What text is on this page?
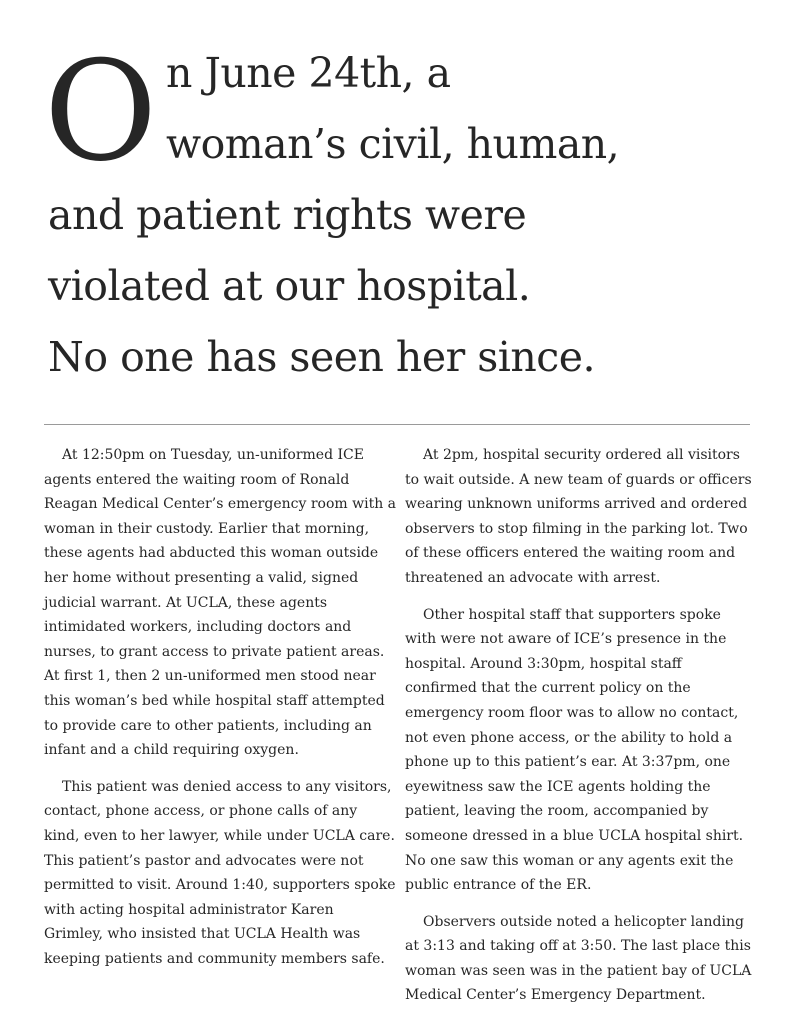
O n June 24th, a
woman’s civil, human,
and patient rights were
violated at our hospital.
No one has seen her since.

At 12:50pm on Tuesday, un-uniformed ICE agents entered the waiting room of Ronald Reagan Medical Center’s emergency room with a woman in their custody. Earlier that morning, these agents had abducted this woman outside her home without presenting a valid, signed judicial warrant. At UCLA, these agents intimidated workers, including doctors and nurses, to grant access to private patient areas. At first 1, then 2 un-uniformed men stood near this woman’s bed while hospital staff attempted to provide care to other patients, including an infant and a child requiring oxygen.

This patient was denied access to any visitors, contact, phone access, or phone calls of any kind, even to her lawyer, while under UCLA care. This patient’s pastor and advocates were not permitted to visit. Around 1:40, supporters spoke with acting hospital administrator Karen Grimley, who insisted that UCLA Health was keeping patients and community members safe.

At 2pm, hospital security ordered all visitors to wait outside. A new team of guards or officers wearing unknown uniforms arrived and ordered observers to stop filming in the parking lot. Two of these officers entered the waiting room and threatened an advocate with arrest.

Other hospital staff that supporters spoke with were not aware of ICE’s presence in the hospital. Around 3:30pm, hospital staff confirmed that the current policy on the emergency room floor was to allow no contact, not even phone access, or the ability to hold a phone up to this patient’s ear. At 3:37pm, one eyewitness saw the ICE agents holding the patient, leaving the room, accompanied by someone dressed in a blue UCLA hospital shirt. No one saw this woman or any agents exit the public entrance of the ER.

Observers outside noted a helicopter landing at 3:13 and taking off at 3:50. The last place this woman was seen was in the patient bay of UCLA Medical Center’s Emergency Department.
